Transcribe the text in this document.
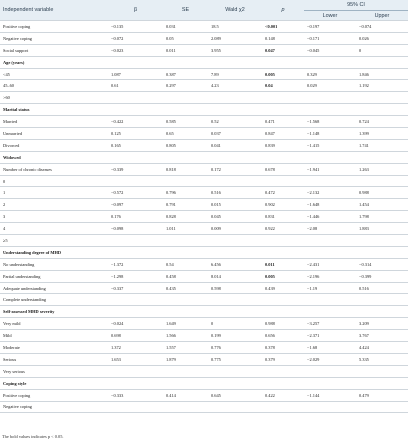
Independent variable	β	SE	Wald χ2	p	95% CI	
					Lower	Upper
Positive coping	−0.135	0.031	18.5	<0.001	−0.197	−0.074
Negative coping	−0.072	0.05	2.089	0.148	−0.171	0.026
Social support	−0.023	0.011	3.955	0.047	−0.045	0
Age (years)						
<45	1.087	0.387	7.89	0.005	0.329	1.846
45–60	0.61	0.297	4.23	0.04	0.029	1.192
>60						
Marital status						
Married	−0.422	0.585	0.52	0.471	−1.568	0.724
Unmarried	0.125	0.65	0.037	0.847	−1.148	1.399
Divorced	0.165	0.805	0.041	0.839	−1.415	1.741
Widowed						
Number of chronic diseases	−0.339	0.818	0.172	0.678	−1.941	1.263
0						
1	−0.572	0.796	0.516	0.472	−2.132	0.988
2	−0.097	0.791	0.015	0.902	−1.648	1.454
3	0.176	0.828	0.045	0.831	−1.446	1.798
4	−0.098	1.011	0.009	0.922	−2.08	1.883
≥5						
Understanding degree of MHD						
No understanding	−1.372	0.54	6.456	0.011	−2.431	−0.314
Partial understanding	−1.298	0.458	8.014	0.005	−2.196	−0.399
Adequate understanding	−0.337	0.435	0.598	0.439	−1.19	0.516
Complete understanding						
Self-assessed MHD severity						
Very mild	−0.024	1.649	0	0.988	−3.257	3.209
Mild	0.698	1.566	0.199	0.656	−2.371	3.767
Moderate	1.372	1.557	0.776	0.378	−1.68	4.424
Serious	1.653	1.879	0.775	0.379	−2.029	5.335
Very serious						
Coping style						
Positive coping	−0.333	0.414	0.645	0.422	−1.144	0.479
Negative coping						
The bold values indicates p < 0.05.
